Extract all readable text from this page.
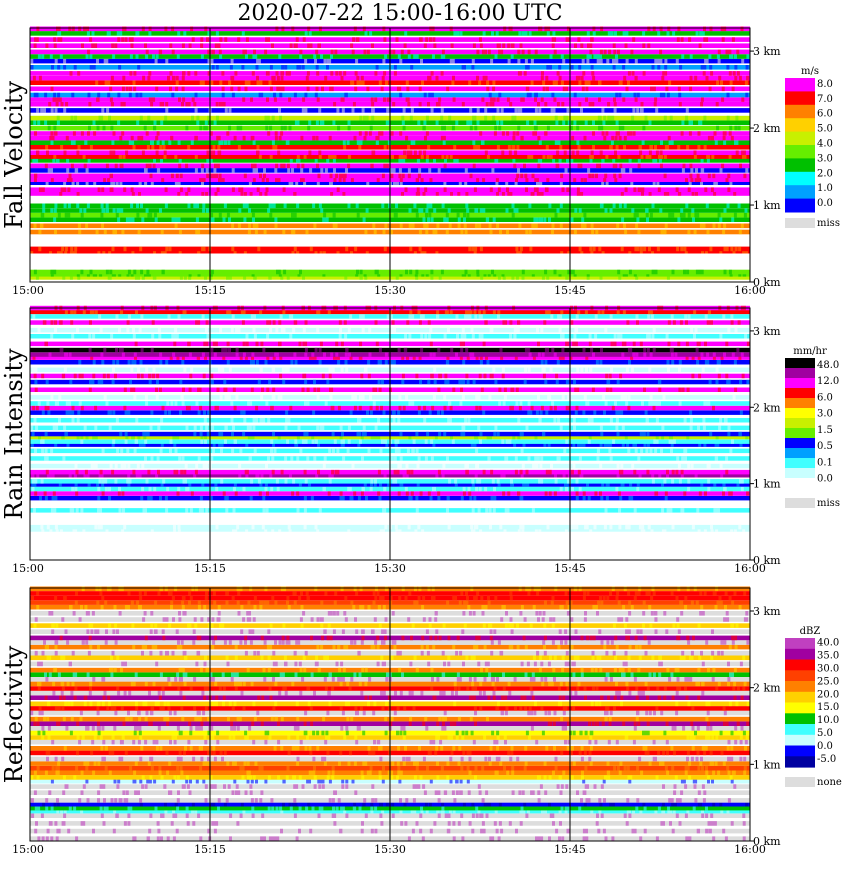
2020-07-22 15:00-16:00 UTC
15:00	15:15	15:30	15:45	16:00
0 km
1 km
2 km
3 km
Fall Velocity
m/s
8.0
7.0
6.0
5.0
4.0
3.0
2.0
1.0
0.0
miss
15:00	15:15	15:30	15:45	16:00
0 km
1 km
2 km
3 km
Rain Intensity	mm/hr
48.0
12.0
6.0
3.0
1.5
0.5
0.1
0.0
miss
15:00	15:15	15:30	15:45	16:00
0 km
1 km
2 km
3 km
Reflectivity
dBZ
40.0
35.0
30.0
25.0
20.0
15.0
10.0
5.0
0.0
-5.0
none
